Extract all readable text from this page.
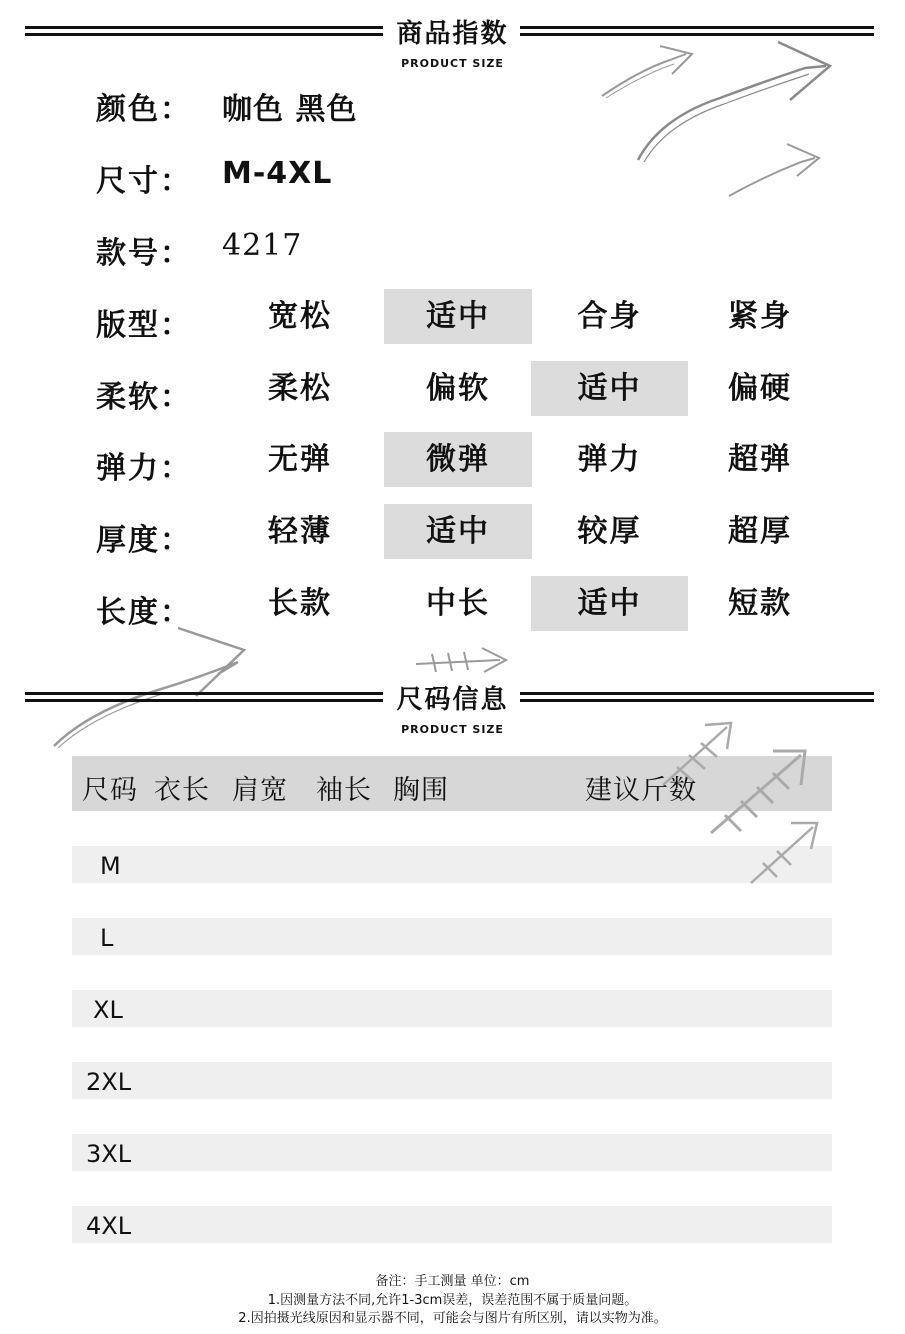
商品指数
PRODUCT SIZE
颜色： 咖色 黑色
尺寸： M-4XL
款号： 4217
版型：	宽松	适中	合身	紧身
柔软：	柔松	偏软	适中	偏硬
弹力：	无弹	微弹	弹力	超弹
厚度：	轻薄	适中	较厚	超厚
长度：	长款	中长	适中	短款
尺码信息
PRODUCT SIZE
尺码 衣长 肩宽 袖长 胸围	建议斤数
M
L
XL
2XL
3XL
4XL
备注：手工测量 单位：cm
1.因测量方法不同,允许1-3cm误差，误差范围不属于质量问题。
2.因拍摄光线原因和显示器不同，可能会与图片有所区别，请以实物为准。
